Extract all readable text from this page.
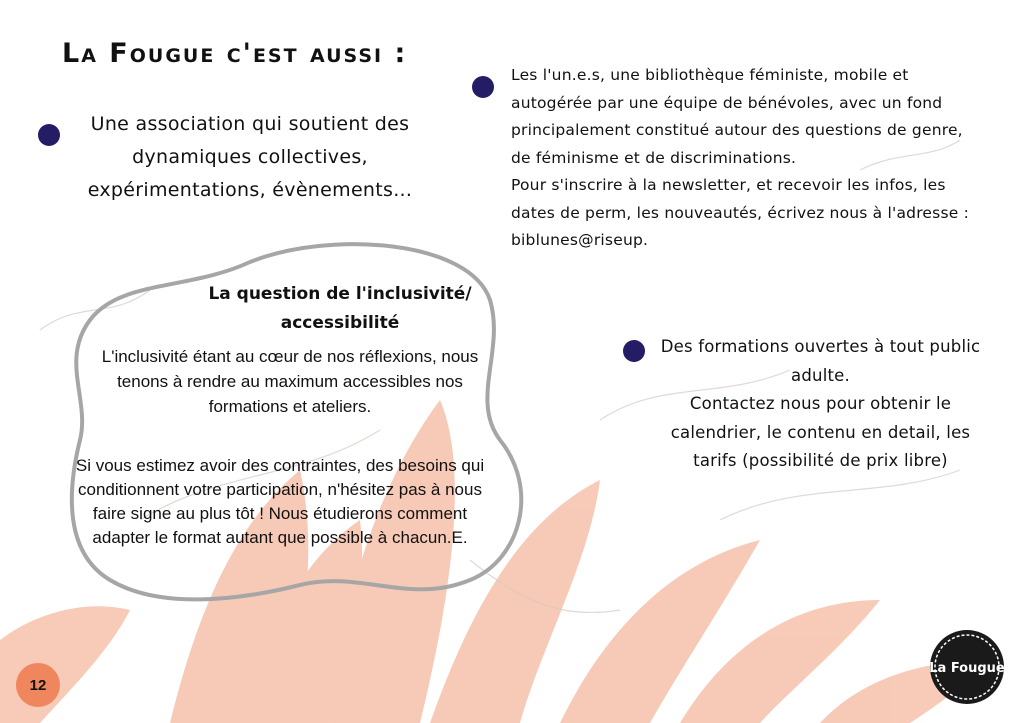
La Fougue c'est aussi :
Une association qui soutient des dynamiques collectives, expérimentations, évènements...

Les l'un.e.s, une bibliothèque féministe, mobile et autogérée par une équipe de bénévoles, avec un fond principalement constitué autour des questions de genre, de féminisme et de discriminations.

Pour s'inscrire à la newsletter, et recevoir les infos, les dates de perm, les nouveautés, écrivez nous à l'adresse : biblunes@riseup.

La question de l'inclusivité/ accessibilité
L'inclusivité étant au cœur de nos réflexions, nous tenons à rendre au maximum accessibles nos formations et ateliers.
Si vous estimez avoir des contraintes, des besoins qui conditionnent votre participation, n'hésitez pas à nous faire signe au plus tôt ! Nous étudierons comment adapter le format autant que possible à chacun.E.

Des formations ouvertes à tout public adulte.

Contactez nous pour obtenir le calendrier, le contenu en detail, les tarifs (possibilité de prix libre)

12
La Fougue
